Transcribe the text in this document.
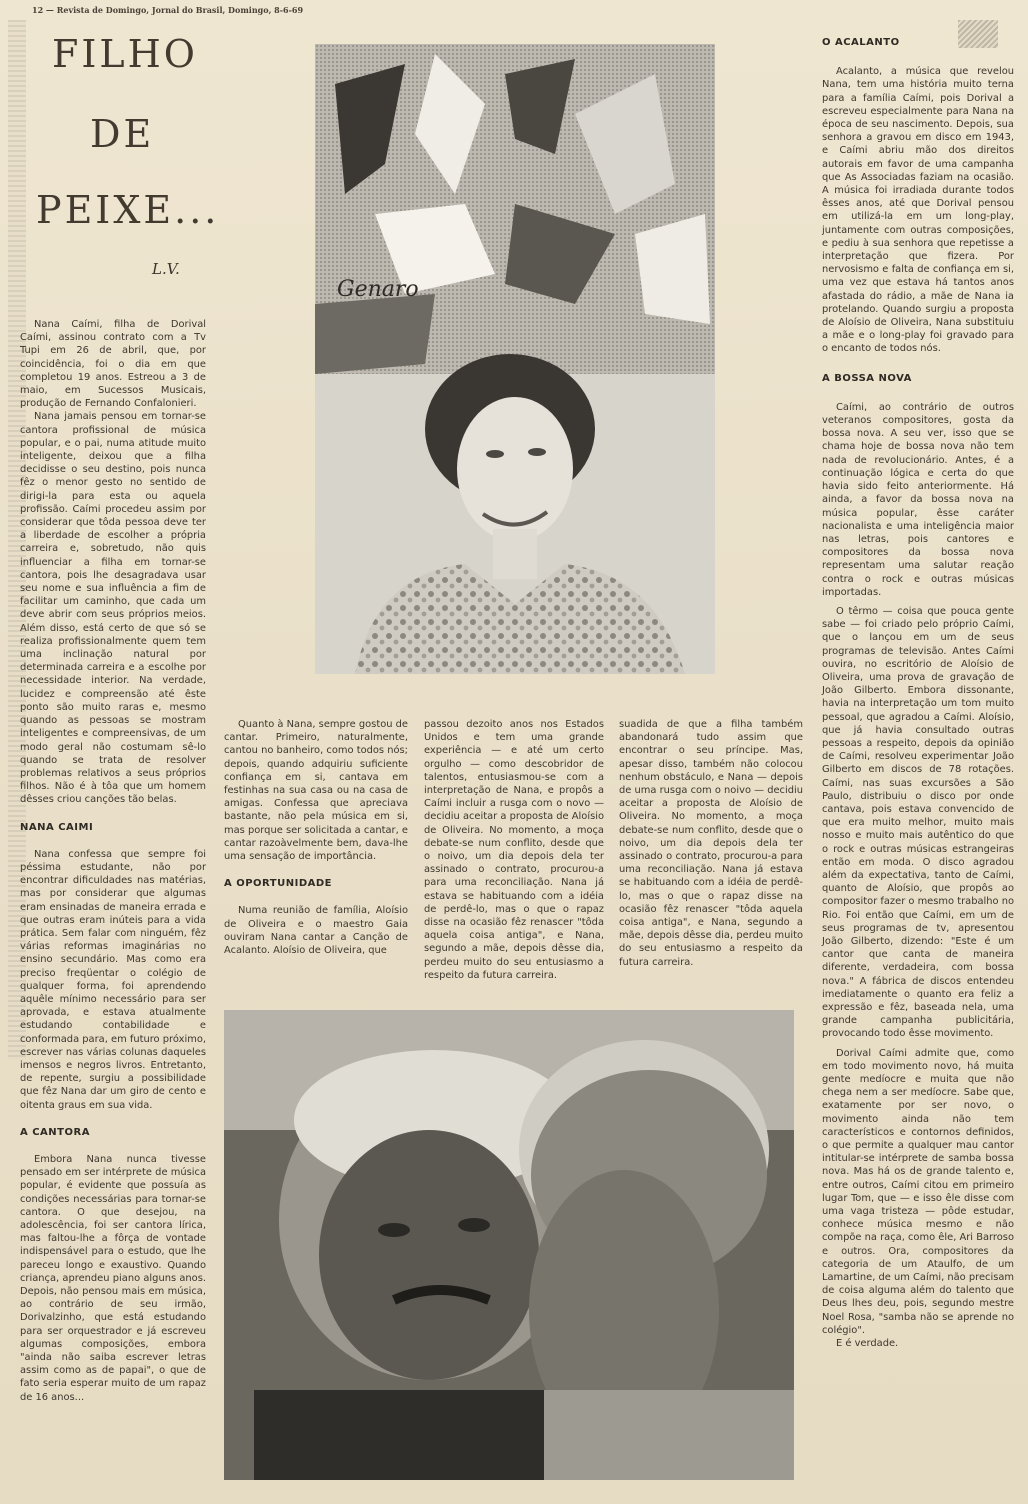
12 — Revista de Domingo, Jornal do Brasil, Domingo, 8-6-69
FILHO
DE
PEIXE...
L.V.

Nana Caími, filha de Dorival Caími, assinou contrato com a Tv Tupi em 26 de abril, que, por coincidência, foi o dia em que completou 19 anos. Estreou a 3 de maio, em Sucessos Musicais, produção de Fernando Confalonieri.

Nana jamais pensou em tornar-se cantora profissional de música popular, e o pai, numa atitude muito inteligente, deixou que a filha decidisse o seu destino, pois nunca fêz o menor gesto no sentido de dirigi-la para esta ou aquela profissão. Caími procedeu assim por considerar que tôda pessoa deve ter a liberdade de escolher a própria carreira e, sobretudo, não quis influenciar a filha em tornar-se cantora, pois lhe desagradava usar seu nome e sua influência a fim de facilitar um caminho, que cada um deve abrir com seus próprios meios. Além disso, está certo de que só se realiza profissionalmente quem tem uma inclinação natural por determinada carreira e a escolhe por necessidade interior. Na verdade, lucidez e compreensão até êste ponto são muito raras e, mesmo quando as pessoas se mostram inteligentes e compreensivas, de um modo geral não costumam sê-lo quando se trata de resolver problemas relativos a seus próprios filhos. Não é à tôa que um homem dêsses criou canções tão belas.

NANA CAIMI

Nana confessa que sempre foi péssima estudante, não por encontrar dificuldades nas matérias, mas por considerar que algumas eram ensinadas de maneira errada e que outras eram inúteis para a vida prática. Sem falar com ninguém, fêz várias reformas imaginárias no ensino secundário. Mas como era preciso freqüentar o colégio de qualquer forma, foi aprendendo aquêle mínimo necessário para ser aprovada, e estava atualmente estudando contabilidade e conformada para, em futuro próximo, escrever nas várias colunas daqueles imensos e negros livros. Entretanto, de repente, surgiu a possibilidade que fêz Nana dar um giro de cento e oitenta graus em sua vida.

A CANTORA

Embora Nana nunca tivesse pensado em ser intérprete de música popular, é evidente que possuía as condições necessárias para tornar-se cantora. O que desejou, na adolescência, foi ser cantora lírica, mas faltou-lhe a fôrça de vontade indispensável para o estudo, que lhe pareceu longo e exaustivo. Quando criança, aprendeu piano alguns anos. Depois, não pensou mais em música, ao contrário de seu irmão, Dorivalzinho, que está estudando para ser orquestrador e já escreveu algumas composições, embora "ainda não saiba escrever letras assim como as de papai", o que de fato seria esperar muito de um rapaz de 16 anos...

Genaro

Quanto à Nana, sempre gostou de cantar. Primeiro, naturalmente, cantou no banheiro, como todos nós; depois, quando adquiriu suficiente confiança em si, cantava em festinhas na sua casa ou na casa de amigas. Confessa que apreciava bastante, não pela música em si, mas porque ser solicitada a cantar, e cantar razoàvelmente bem, dava-lhe uma sensação de importância.

A OPORTUNIDADE

Numa reunião de família, Aloísio de Oliveira e o maestro Gaia ouviram Nana cantar a Canção de Acalanto. Aloísio de Oliveira, que

passou dezoito anos nos Estados Unidos e tem uma grande experiência — e até um certo orgulho — como descobridor de talentos, entusiasmou-se com a interpretação de Nana, e propôs a Caími incluir a rusga com o novo — decidiu aceitar a proposta de Aloísio de Oliveira. No momento, a moça debate-se num conflito, desde que o noivo, um dia depois dela ter assinado o contrato, procurou-a para uma reconciliação. Nana já estava se habituando com a idéia de perdê-lo, mas o que o rapaz disse na ocasião fêz renascer "tôda aquela coisa antiga", e Nana, segundo a mãe, depois dêsse dia, perdeu muito do seu entusiasmo a respeito da futura carreira.

suadida de que a filha também abandonará tudo assim que encontrar o seu príncipe. Mas, apesar disso, também não colocou nenhum obstáculo, e Nana — depois de uma rusga com o noivo — decidiu aceitar a proposta de Aloísio de Oliveira. No momento, a moça debate-se num conflito, desde que o noivo, um dia depois dela ter assinado o contrato, procurou-a para uma reconciliação. Nana já estava se habituando com a idéia de perdê-lo, mas o que o rapaz disse na ocasião fêz renascer "tôda aquela coisa antiga", e Nana, segundo a mãe, depois dêsse dia, perdeu muito do seu entusiasmo a respeito da futura carreira.

O ACALANTO

Acalanto, a música que revelou Nana, tem uma história muito terna para a família Caími, pois Dorival a escreveu especialmente para Nana na época de seu nascimento. Depois, sua senhora a gravou em disco em 1943, e Caími abriu mão dos direitos autorais em favor de uma campanha que As Associadas faziam na ocasião. A música foi irradiada durante todos êsses anos, até que Dorival pensou em utilizá-la em um long-play, juntamente com outras composições, e pediu à sua senhora que repetisse a interpretação que fizera. Por nervosismo e falta de confiança em si, uma vez que estava há tantos anos afastada do rádio, a mãe de Nana ia protelando. Quando surgiu a proposta de Aloísio de Oliveira, Nana substituiu a mãe e o long-play foi gravado para o encanto de todos nós.

A BOSSA NOVA

Caími, ao contrário de outros veteranos compositores, gosta da bossa nova. A seu ver, isso que se chama hoje de bossa nova não tem nada de revolucionário. Antes, é a continuação lógica e certa do que havia sido feito anteriormente. Há ainda, a favor da bossa nova na música popular, êsse caráter nacionalista e uma inteligência maior nas letras, pois cantores e compositores da bossa nova representam uma salutar reação contra o rock e outras músicas importadas.

O têrmo — coisa que pouca gente sabe — foi criado pelo próprio Caími, que o lançou em um de seus programas de televisão. Antes Caími ouvira, no escritório de Aloísio de Oliveira, uma prova de gravação de João Gilberto. Embora dissonante, havia na interpretação um tom muito pessoal, que agradou a Caími. Aloísio, que já havia consultado outras pessoas a respeito, depois da opinião de Caími, resolveu experimentar João Gilberto em discos de 78 rotações. Caími, nas suas excursões a São Paulo, distribuiu o disco por onde cantava, pois estava convencido de que era muito melhor, muito mais nosso e muito mais autêntico do que o rock e outras músicas estrangeiras então em moda. O disco agradou além da expectativa, tanto de Caími, quanto de Aloísio, que propôs ao compositor fazer o mesmo trabalho no Rio. Foi então que Caími, em um de seus programas de tv, apresentou João Gilberto, dizendo: "Este é um cantor que canta de maneira diferente, verdadeira, com bossa nova." A fábrica de discos entendeu imediatamente o quanto era feliz a expressão e fêz, baseada nela, uma grande campanha publicitária, provocando todo êsse movimento.

Dorival Caími admite que, como em todo movimento novo, há muita gente medíocre e muita que não chega nem a ser medíocre. Sabe que, exatamente por ser novo, o movimento ainda não tem característicos e contornos definidos, o que permite a qualquer mau cantor intitular-se intérprete de samba bossa nova. Mas há os de grande talento e, entre outros, Caími citou em primeiro lugar Tom, que — e isso êle disse com uma vaga tristeza — pôde estudar, conhece música mesmo e não compõe na raça, como êle, Ari Barroso e outros. Ora, compositores da categoria de um Ataulfo, de um Lamartine, de um Caími, não precisam de coisa alguma além do talento que Deus lhes deu, pois, segundo mestre Noel Rosa, "samba não se aprende no colégio".

E é verdade.
